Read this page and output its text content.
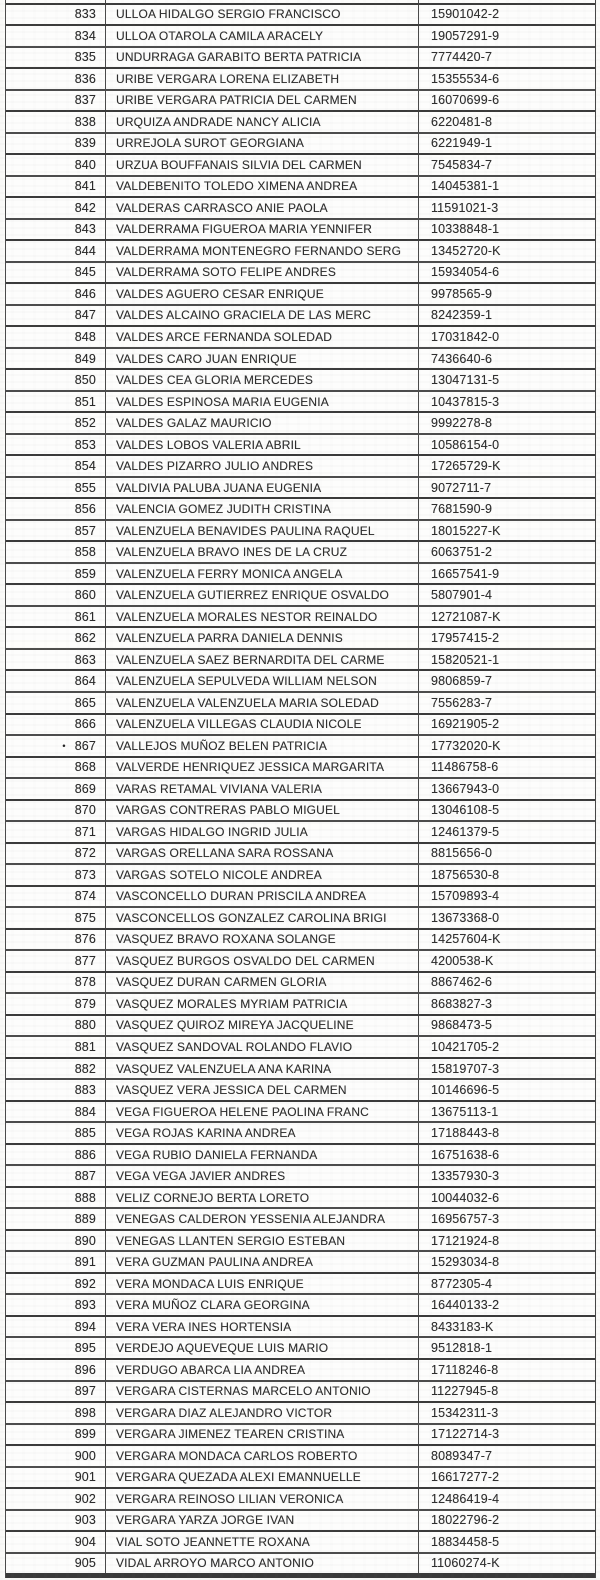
833	ULLOA HIDALGO SERGIO FRANCISCO	15901042-2
834	ULLOA OTAROLA CAMILA ARACELY	19057291-9
835	UNDURRAGA GARABITO BERTA PATRICIA	7774420-7
836	URIBE VERGARA LORENA ELIZABETH	15355534-6
837	URIBE VERGARA PATRICIA DEL CARMEN	16070699-6
838	URQUIZA ANDRADE NANCY ALICIA	6220481-8
839	URREJOLA SUROT GEORGIANA	6221949-1
840	URZUA BOUFFANAIS SILVIA DEL CARMEN	7545834-7
841	VALDEBENITO TOLEDO XIMENA ANDREA	14045381-1
842	VALDERAS CARRASCO ANIE PAOLA	11591021-3
843	VALDERRAMA FIGUEROA MARIA YENNIFER	10338848-1
844	VALDERRAMA MONTENEGRO FERNANDO SERG	13452720-K
845	VALDERRAMA SOTO FELIPE ANDRES	15934054-6
846	VALDES AGUERO CESAR ENRIQUE	9978565-9
847	VALDES ALCAINO GRACIELA DE LAS MERC	8242359-1
848	VALDES ARCE FERNANDA SOLEDAD	17031842-0
849	VALDES CARO JUAN ENRIQUE	7436640-6
850	VALDES CEA GLORIA MERCEDES	13047131-5
851	VALDES ESPINOSA MARIA EUGENIA	10437815-3
852	VALDES GALAZ MAURICIO	9992278-8
853	VALDES LOBOS VALERIA ABRIL	10586154-0
854	VALDES PIZARRO JULIO ANDRES	17265729-K
855	VALDIVIA PALUBA JUANA EUGENIA	9072711-7
856	VALENCIA GOMEZ JUDITH CRISTINA	7681590-9
857	VALENZUELA BENAVIDES PAULINA RAQUEL	18015227-K
858	VALENZUELA BRAVO INES DE LA CRUZ	6063751-2
859	VALENZUELA FERRY MONICA ANGELA	16657541-9
860	VALENZUELA GUTIERREZ ENRIQUE OSVALDO	5807901-4
861	VALENZUELA MORALES NESTOR REINALDO	12721087-K
862	VALENZUELA PARRA DANIELA DENNIS	17957415-2
863	VALENZUELA SAEZ BERNARDITA DEL CARME	15820521-1
864	VALENZUELA SEPULVEDA WILLIAM NELSON	9806859-7
865	VALENZUELA VALENZUELA MARIA SOLEDAD	7556283-7
866	VALENZUELA VILLEGAS CLAUDIA NICOLE	16921905-2
• 867	VALLEJOS MUÑOZ BELEN PATRICIA	17732020-K
868	VALVERDE HENRIQUEZ JESSICA MARGARITA	11486758-6
869	VARAS RETAMAL VIVIANA VALERIA	13667943-0
870	VARGAS CONTRERAS PABLO MIGUEL	13046108-5
871	VARGAS HIDALGO INGRID JULIA	12461379-5
872	VARGAS ORELLANA SARA ROSSANA	8815656-0
873	VARGAS SOTELO NICOLE ANDREA	18756530-8
874	VASCONCELLO DURAN PRISCILA ANDREA	15709893-4
875	VASCONCELLOS GONZALEZ CAROLINA BRIGI	13673368-0
876	VASQUEZ BRAVO ROXANA SOLANGE	14257604-K
877	VASQUEZ BURGOS OSVALDO DEL CARMEN	4200538-K
878	VASQUEZ DURAN CARMEN GLORIA	8867462-6
879	VASQUEZ MORALES MYRIAM PATRICIA	8683827-3
880	VASQUEZ QUIROZ MIREYA JACQUELINE	9868473-5
881	VASQUEZ SANDOVAL ROLANDO FLAVIO	10421705-2
882	VASQUEZ VALENZUELA ANA KARINA	15819707-3
883	VASQUEZ VERA JESSICA DEL CARMEN	10146696-5
884	VEGA FIGUEROA HELENE PAOLINA FRANC	13675113-1
885	VEGA ROJAS KARINA ANDREA	17188443-8
886	VEGA RUBIO DANIELA FERNANDA	16751638-6
887	VEGA VEGA JAVIER ANDRES	13357930-3
888	VELIZ CORNEJO BERTA LORETO	10044032-6
889	VENEGAS CALDERON YESSENIA ALEJANDRA	16956757-3
890	VENEGAS LLANTEN SERGIO ESTEBAN	17121924-8
891	VERA GUZMAN PAULINA ANDREA	15293034-8
892	VERA MONDACA LUIS ENRIQUE	8772305-4
893	VERA MUÑOZ CLARA GEORGINA	16440133-2
894	VERA VERA INES HORTENSIA	8433183-K
895	VERDEJO AQUEVEQUE LUIS MARIO	9512818-1
896	VERDUGO ABARCA LIA ANDREA	17118246-8
897	VERGARA CISTERNAS MARCELO ANTONIO	11227945-8
898	VERGARA DIAZ ALEJANDRO VICTOR	15342311-3
899	VERGARA JIMENEZ TEAREN CRISTINA	17122714-3
900	VERGARA MONDACA CARLOS ROBERTO	8089347-7
901	VERGARA QUEZADA ALEXI EMANNUELLE	16617277-2
902	VERGARA REINOSO LILIAN VERONICA	12486419-4
903	VERGARA YARZA JORGE IVAN	18022796-2
904	VIAL SOTO JEANNETTE ROXANA	18834458-5
905	VIDAL ARROYO MARCO ANTONIO	11060274-K
